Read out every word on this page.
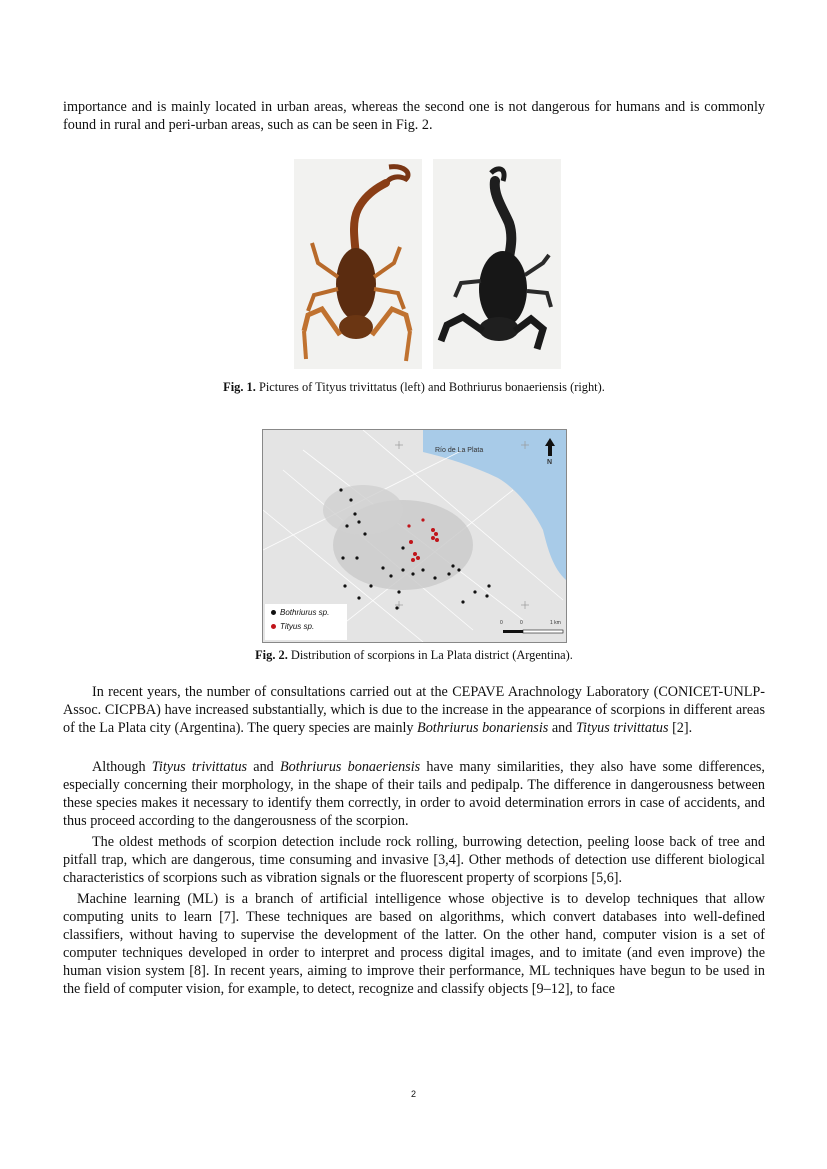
importance and is mainly located in urban areas, whereas the second one is not dangerous for humans and is commonly found in rural and peri-urban areas, such as can be seen in Fig. 2.

Fig. 1. Pictures of Tityus trivittatus (left) and Bothriurus bonaeriensis (right).

Río de La Plata
N
0	0	1 km
Bothriurus sp.
Tityus sp.

Fig. 2. Distribution of scorpions in La Plata district (Argentina).

In recent years, the number of consultations carried out at the CEPAVE Arachnology Laboratory (CONICET-UNLP- Assoc. CICPBA) have increased substantially, which is due to the increase in the appearance of scorpions in different areas of the La Plata city (Argentina). The query species are mainly Bothriurus bonariensis and Tityus trivittatus [2].

Although Tityus trivittatus and Bothriurus bonaeriensis have many similarities, they also have some differences, especially concerning their morphology, in the shape of their tails and pedipalp. The difference in dangerousness between these species makes it necessary to identify them correctly, in order to avoid determination errors in case of accidents, and thus proceed according to the dangerousness of the scorpion.

The oldest methods of scorpion detection include rock rolling, burrowing detection, peeling loose back of tree and pitfall trap, which are dangerous, time consuming and invasive [3,4]. Other methods of detection use different biological characteristics of scorpions such as vibration signals or the fluorescent property of scorpions [5,6].

Machine learning (ML) is a branch of artificial intelligence whose objective is to develop techniques that allow computing units to learn [7]. These techniques are based on algorithms, which convert databases into well-defined classifiers, without having to supervise the development of the latter. On the other hand, computer vision is a set of computer techniques developed in order to interpret and process digital images, and to imitate (and even improve) the human vision system [8]. In recent years, aiming to improve their performance, ML techniques have begun to be used in the field of computer vision, for example, to detect, recognize and classify objects [9–12], to face

2
